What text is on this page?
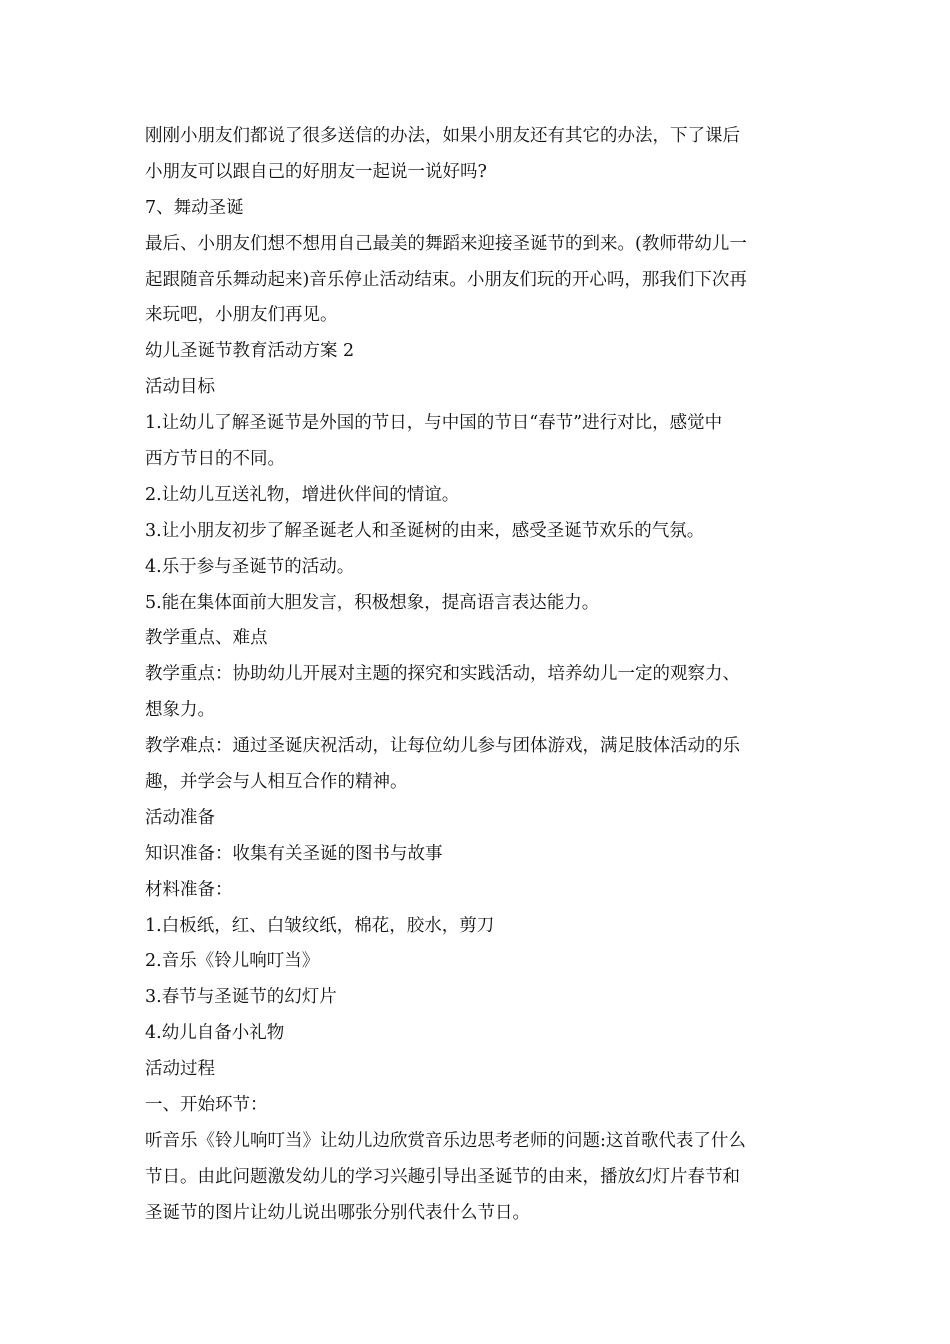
刚刚小朋友们都说了很多送信的办法，如果小朋友还有其它的办法，下了课后
小朋友可以跟自己的好朋友一起说一说好吗?
7、舞动圣诞
最后、小朋友们想不想用自己最美的舞蹈来迎接圣诞节的到来。(教师带幼儿一
起跟随音乐舞动起来)音乐停止活动结束。小朋友们玩的开心吗，那我们下次再
来玩吧，小朋友们再见。
幼儿圣诞节教育活动方案 2
活动目标
1.让幼儿了解圣诞节是外国的节日，与中国的节日“春节”进行对比，感觉中
西方节日的不同。
2.让幼儿互送礼物，增进伙伴间的情谊。
3.让小朋友初步了解圣诞老人和圣诞树的由来，感受圣诞节欢乐的气氛。
4.乐于参与圣诞节的活动。
5.能在集体面前大胆发言，积极想象，提高语言表达能力。
教学重点、难点
教学重点：协助幼儿开展对主题的探究和实践活动，培养幼儿一定的观察力、
想象力。
教学难点：通过圣诞庆祝活动，让每位幼儿参与团体游戏，满足肢体活动的乐
趣，并学会与人相互合作的精神。
活动准备
知识准备：收集有关圣诞的图书与故事
材料准备：
1.白板纸，红、白皱纹纸，棉花，胶水，剪刀
2.音乐《铃儿响叮当》
3.春节与圣诞节的幻灯片
4.幼儿自备小礼物
活动过程
一、开始环节：
听音乐《铃儿响叮当》让幼儿边欣赏音乐边思考老师的问题:这首歌代表了什么
节日。由此问题激发幼儿的学习兴趣引导出圣诞节的由来，播放幻灯片春节和
圣诞节的图片让幼儿说出哪张分别代表什么节日。
